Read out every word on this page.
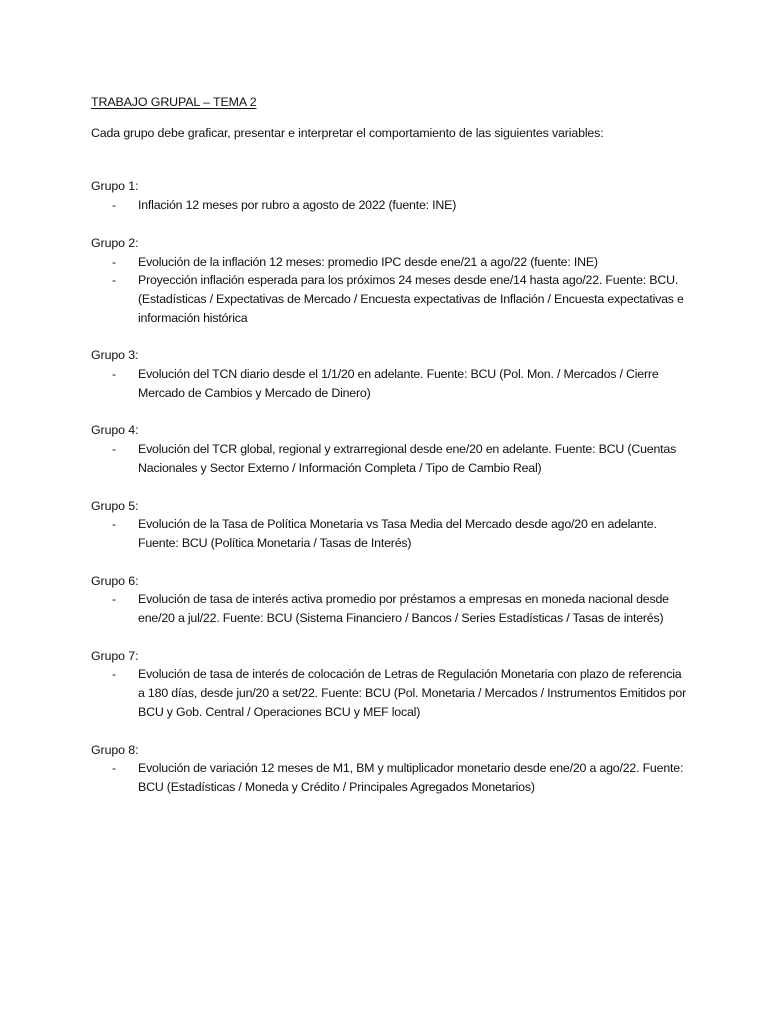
TRABAJO GRUPAL – TEMA 2

Cada grupo debe graficar, presentar e interpretar el comportamiento de las siguientes variables:

Grupo 1:

- Inflación 12 meses por rubro a agosto de 2022 (fuente: INE)

Grupo 2:

- Evolución de la inflación 12 meses: promedio IPC desde ene/21 a ago/22 (fuente: INE)
- Proyección inflación esperada para los próximos 24 meses desde ene/14 hasta ago/22. Fuente: BCU. (Estadísticas / Expectativas de Mercado / Encuesta expectativas de Inflación / Encuesta expectativas e información histórica

Grupo 3:

- Evolución del TCN diario desde el 1/1/20 en adelante. Fuente: BCU (Pol. Mon. / Mercados / Cierre Mercado de Cambios y Mercado de Dinero)

Grupo 4:

- Evolución del TCR global, regional y extrarregional desde ene/20 en adelante. Fuente: BCU (Cuentas Nacionales y Sector Externo / Información Completa / Tipo de Cambio Real)

Grupo 5:

- Evolución de la Tasa de Política Monetaria vs Tasa Media del Mercado desde ago/20 en adelante. Fuente: BCU (Política Monetaria / Tasas de Interés)

Grupo 6:

- Evolución de tasa de interés activa promedio por préstamos a empresas en moneda nacional desde ene/20 a jul/22. Fuente: BCU (Sistema Financiero / Bancos / Series Estadísticas / Tasas de interés)

Grupo 7:

- Evolución de tasa de interés de colocación de Letras de Regulación Monetaria con plazo de referencia a 180 días, desde jun/20 a set/22. Fuente: BCU (Pol. Monetaria / Mercados / Instrumentos Emitidos por BCU y Gob. Central / Operaciones BCU y MEF local)

Grupo 8:

- Evolución de variación 12 meses de M1, BM y multiplicador monetario desde ene/20 a ago/22. Fuente: BCU (Estadísticas / Moneda y Crédito / Principales Agregados Monetarios)
